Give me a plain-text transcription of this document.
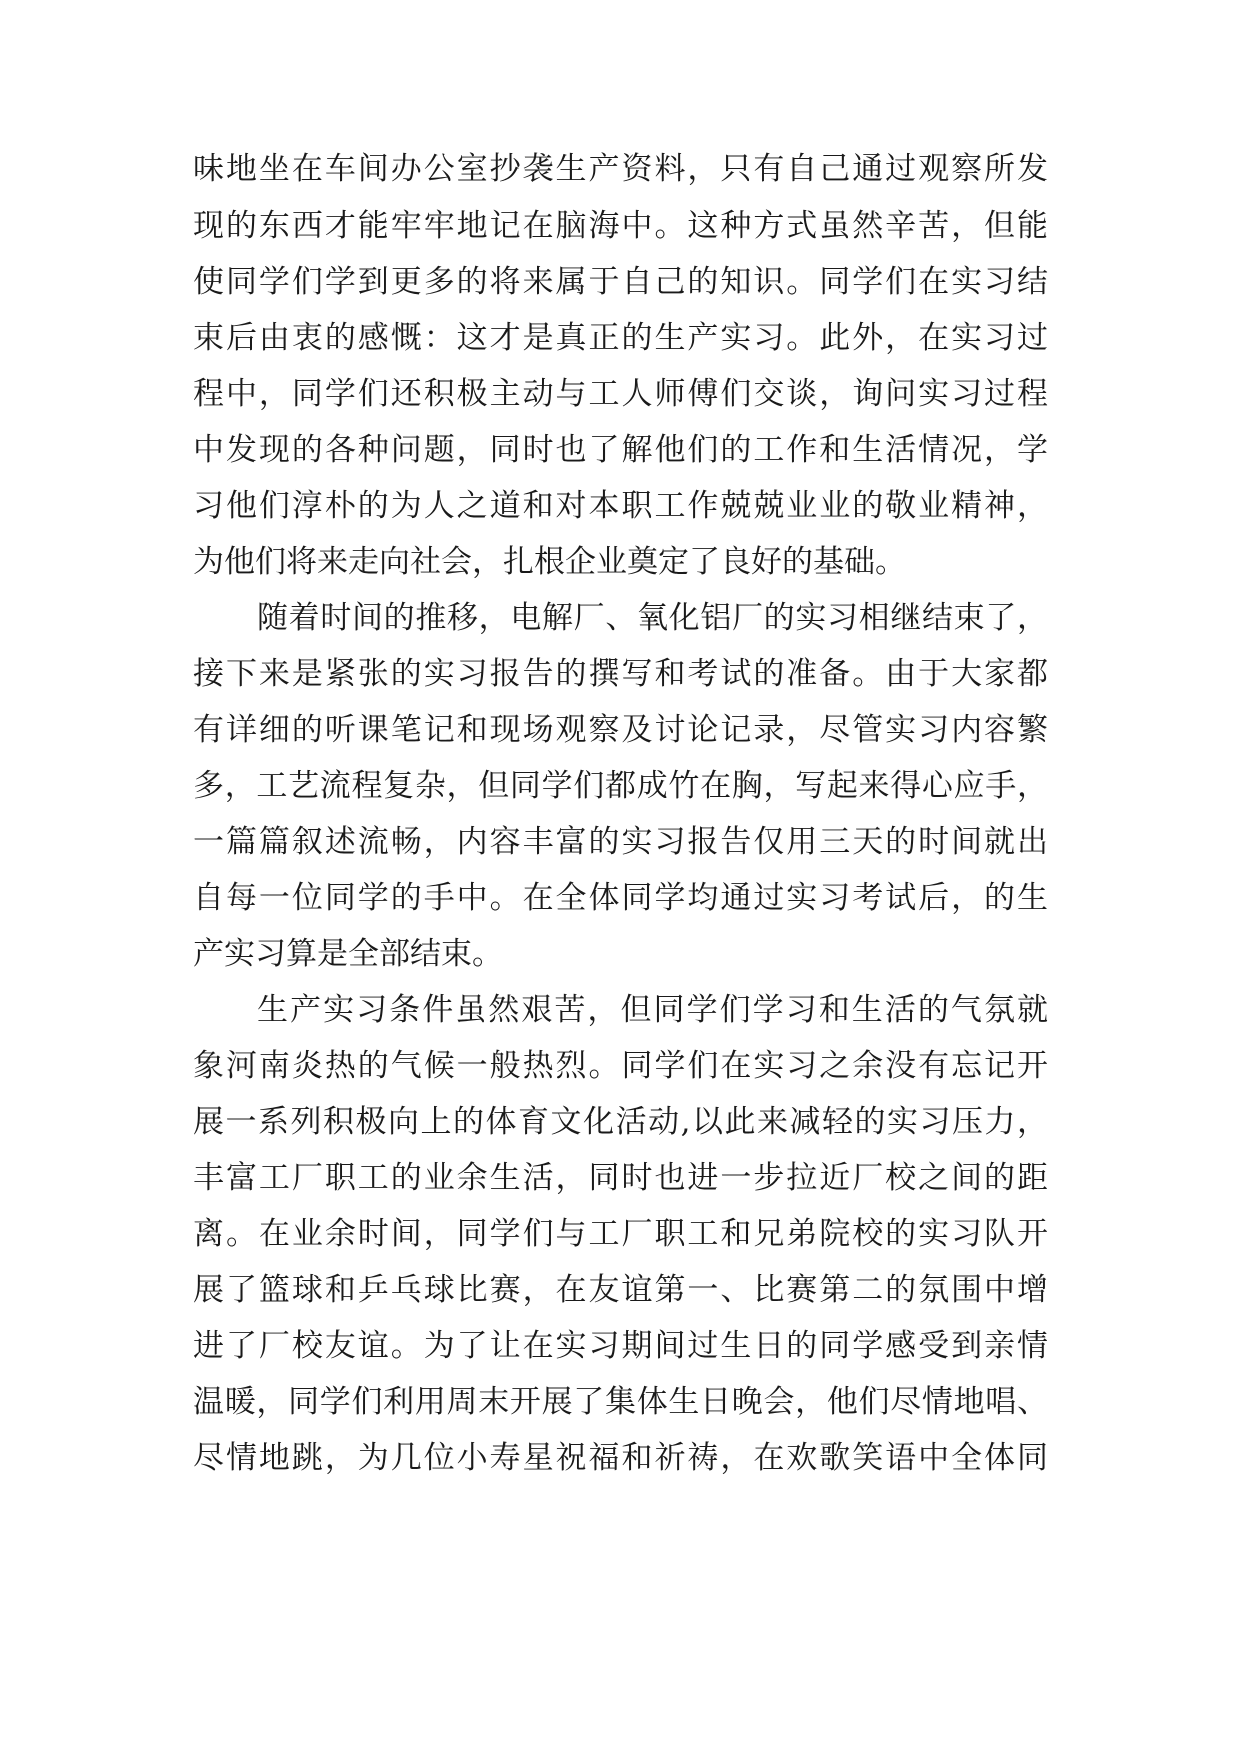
味地坐在车间办公室抄袭生产资料，只有自己通过观察所发

现的东西才能牢牢地记在脑海中。这种方式虽然辛苦，但能

使同学们学到更多的将来属于自己的知识。同学们在实习结

束后由衷的感慨：这才是真正的生产实习。此外，在实习过

程中，同学们还积极主动与工人师傅们交谈，询问实习过程

中发现的各种问题，同时也了解他们的工作和生活情况，学

习他们淳朴的为人之道和对本职工作兢兢业业的敬业精神，

为他们将来走向社会，扎根企业奠定了良好的基础。

随着时间的推移，电解厂、氧化铝厂的实习相继结束了，

接下来是紧张的实习报告的撰写和考试的准备。由于大家都

有详细的听课笔记和现场观察及讨论记录，尽管实习内容繁

多，工艺流程复杂，但同学们都成竹在胸，写起来得心应手，

一篇篇叙述流畅，内容丰富的实习报告仅用三天的时间就出

自每一位同学的手中。在全体同学均通过实习考试后，的生

产实习算是全部结束。

生产实习条件虽然艰苦，但同学们学习和生活的气氛就

象河南炎热的气候一般热烈。同学们在实习之余没有忘记开

展一系列积极向上的体育文化活动,以此来减轻的实习压力，

丰富工厂职工的业余生活，同时也进一步拉近厂校之间的距

离。在业余时间，同学们与工厂职工和兄弟院校的实习队开

展了篮球和乒乓球比赛，在友谊第一、比赛第二的氛围中增

进了厂校友谊。为了让在实习期间过生日的同学感受到亲情

温暖，同学们利用周末开展了集体生日晚会，他们尽情地唱、

尽情地跳，为几位小寿星祝福和祈祷，在欢歌笑语中全体同
